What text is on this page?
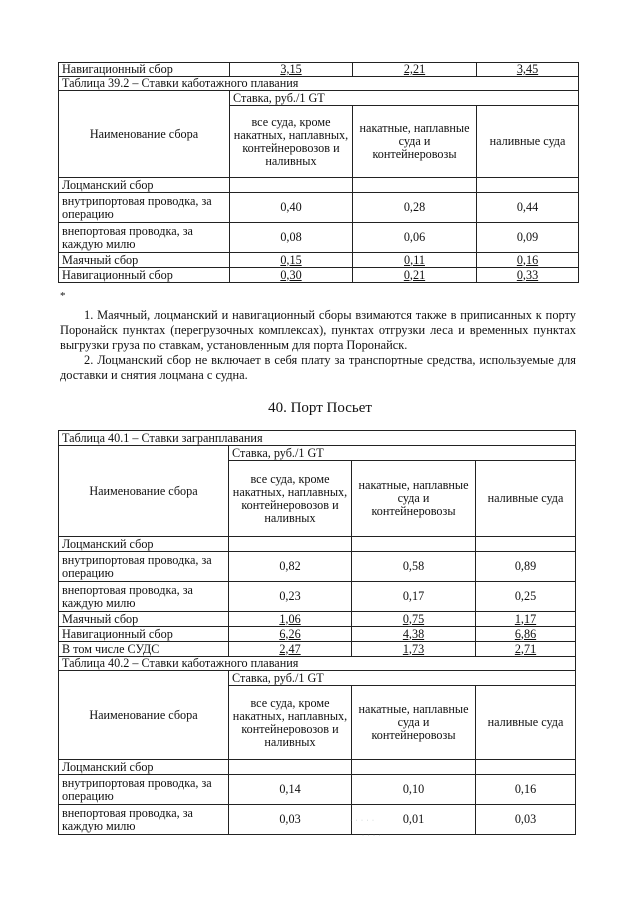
Навигационный сбор	3,15	2,21	3,45
Таблица 39.2 – Ставки каботажного плавания			
Наименование сбора	Ставка, руб./1 GT		
	все суда, кроме накатных, наплавных, контейнеровозов и наливных	накатные, наплавные суда и контейнеровозы	наливные суда
Лоцманский сбор			
внутрипортовая проводка, за операцию	0,40	0,28	0,44
внепортовая проводка, за каждую милю	0,08	0,06	0,09
Маячный сбор	0,15	0,11	0,16
Навигационный сбор	0,30	0,21	0,33
*

1. Маячный, лоцманский и навигационный сборы взимаются также в приписанных к порту Поронайск пунктах (перегрузочных комплексах), пунктах отгрузки леса и временных пунктах выгрузки груза по ставкам, установленным для порта Поронайск.

2. Лоцманский сбор не включает в себя плату за транспортные средства, используемые для доставки и снятия лоцмана с судна.

40. Порт Посьет
Таблица 40.1 – Ставки загранплавания			
Наименование сбора	Ставка, руб./1 GT		
	все суда, кроме накатных, наплавных, контейнеровозов и наливных	накатные, наплавные суда и контейнеровозы	наливные суда
Лоцманский сбор			
внутрипортовая проводка, за операцию	0,82	0,58	0,89
внепортовая проводка, за каждую милю	0,23	0,17	0,25
Маячный сбор	1,06	0,75	1,17
Навигационный сбор	6,26	4,38	6,86
В том числе СУДС	2,47	1,73	2,71
Таблица 40.2 – Ставки каботажного плавания			
Наименование сбора	Ставка, руб./1 GT		
	все суда, кроме накатных, наплавных, контейнеровозов и наливных	накатные, наплавные суда и контейнеровозы	наливные суда
Лоцманский сбор			
внутрипортовая проводка, за операцию	0,14	0,10	0,16
внепортовая проводка, за каждую милю	0,03	0,01	0,03
· · · · ·
· · · ·
